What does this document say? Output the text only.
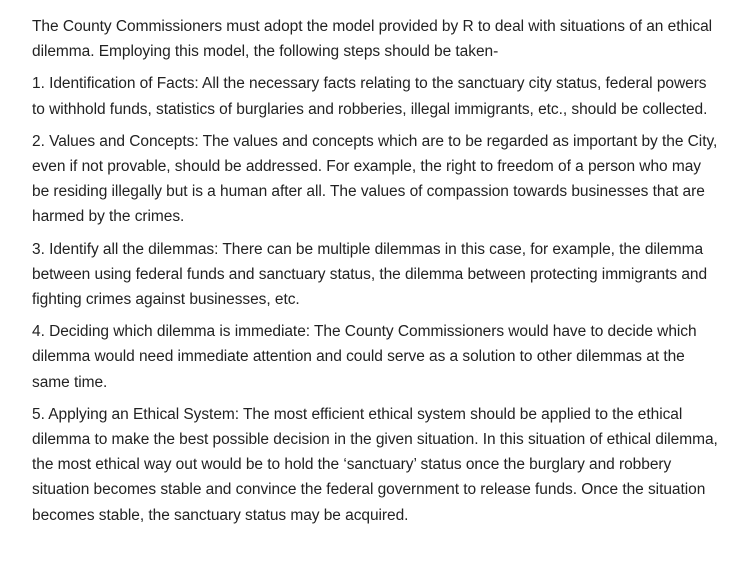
The County Commissioners must adopt the model provided by R to deal with situations of an ethical dilemma. Employing this model, the following steps should be taken-

1. Identification of Facts: All the necessary facts relating to the sanctuary city status, federal powers to withhold funds, statistics of burglaries and robberies, illegal immigrants, etc., should be collected.

2. Values and Concepts: The values and concepts which are to be regarded as important by the City, even if not provable, should be addressed. For example, the right to freedom of a person who may be residing illegally but is a human after all. The values of compassion towards businesses that are harmed by the crimes.

3. Identify all the dilemmas: There can be multiple dilemmas in this case, for example, the dilemma between using federal funds and sanctuary status, the dilemma between protecting immigrants and fighting crimes against businesses, etc.

4. Deciding which dilemma is immediate: The County Commissioners would have to decide which dilemma would need immediate attention and could serve as a solution to other dilemmas at the same time.

5. Applying an Ethical System: The most efficient ethical system should be applied to the ethical dilemma to make the best possible decision in the given situation. In this situation of ethical dilemma, the most ethical way out would be to hold the ‘sanctuary’ status once the burglary and robbery situation becomes stable and convince the federal government to release funds. Once the situation becomes stable, the sanctuary status may be acquired.
